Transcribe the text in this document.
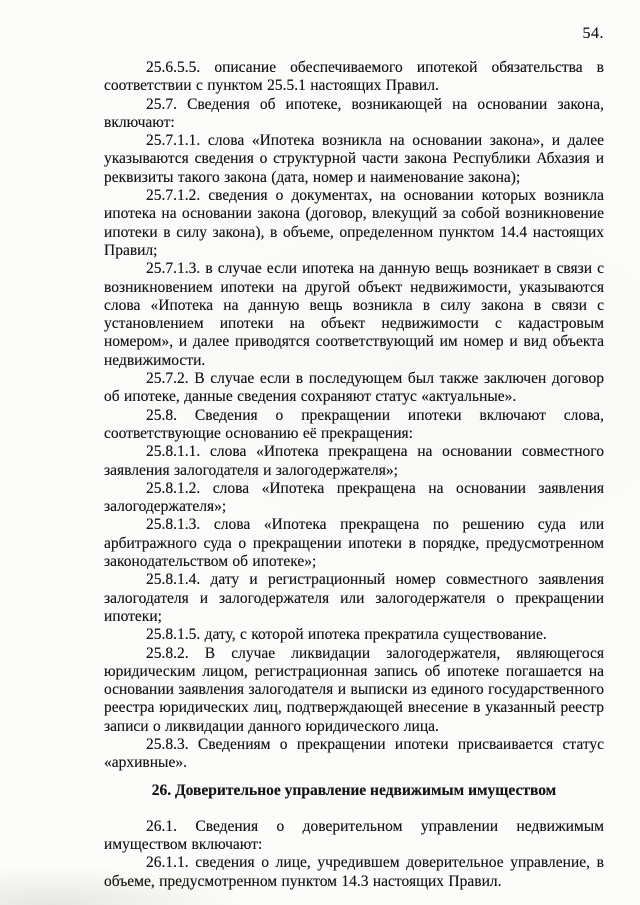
54.

25.6.5.5. описание обеспечиваемого ипотекой обязательства в соответствии с пунктом 25.5.1 настоящих Правил.

25.7. Сведения об ипотеке, возникающей на основании закона, включают:

25.7.1.1. слова «Ипотека возникла на основании закона», и далее указываются сведения о структурной части закона Республики Абхазия и реквизиты такого закона (дата, номер и наименование закона);

25.7.1.2. сведения о документах, на основании которых возникла ипотека на основании закона (договор, влекущий за собой возникновение ипотеки в силу закона), в объеме, определенном пунктом 14.4 настоящих Правил;

25.7.1.3. в случае если ипотека на данную вещь возникает в связи с возникновением ипотеки на другой объект недвижимости, указываются слова «Ипотека на данную вещь возникла в силу закона в связи с установлением ипотеки на объект недвижимости с кадастровым номером», и далее приводятся соответствующий им номер и вид объекта недвижимости.

25.7.2. В случае если в последующем был также заключен договор об ипотеке, данные сведения сохраняют статус «актуальные».

25.8. Сведения о прекращении ипотеки включают слова, соответствующие основанию её прекращения:

25.8.1.1. слова «Ипотека прекращена на основании совместного заявления залогодателя и залогодержателя»;

25.8.1.2. слова «Ипотека прекращена на основании заявления залогодержателя»;

25.8.1.3. слова «Ипотека прекращена по решению суда или арбитражного суда о прекращении ипотеки в порядке, предусмотренном законодательством об ипотеке»;

25.8.1.4. дату и регистрационный номер совместного заявления залогодателя и залогодержателя или залогодержателя о прекращении ипотеки;

25.8.1.5. дату, с которой ипотека прекратила существование.

25.8.2. В случае ликвидации залогодержателя, являющегося юридическим лицом, регистрационная запись об ипотеке погашается на основании заявления залогодателя и выписки из единого государственного реестра юридических лиц, подтверждающей внесение в указанный реестр записи о ликвидации данного юридического лица.

25.8.3. Сведениям о прекращении ипотеки присваивается статус «архивные».

26. Доверительное управление недвижимым имуществом

26.1. Сведения о доверительном управлении недвижимым имуществом включают:

26.1.1. сведения о лице, учредившем доверительное управление, в объеме, предусмотренном пунктом 14.3 настоящих Правил.
